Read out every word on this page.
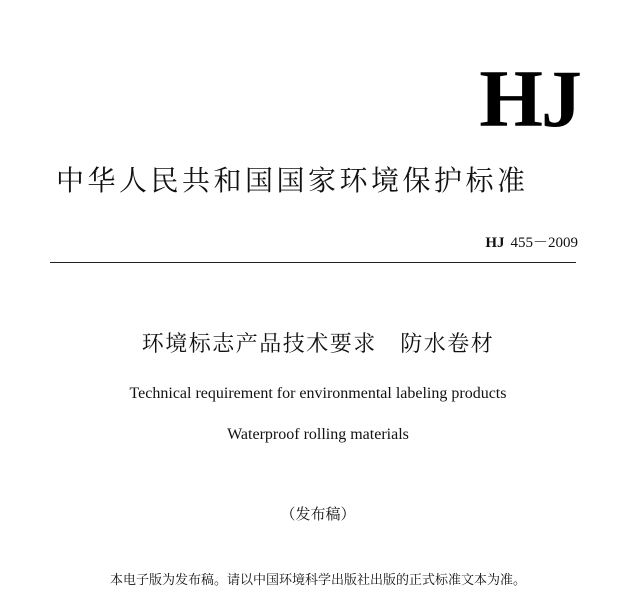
HJ
中华人民共和国国家环境保护标准
HJ 455－2009
环境标志产品技术要求　防水卷材
Technical requirement for environmental labeling products
Waterproof rolling materials
（发布稿）
本电子版为发布稿。请以中国环境科学出版社出版的正式标准文本为准。
